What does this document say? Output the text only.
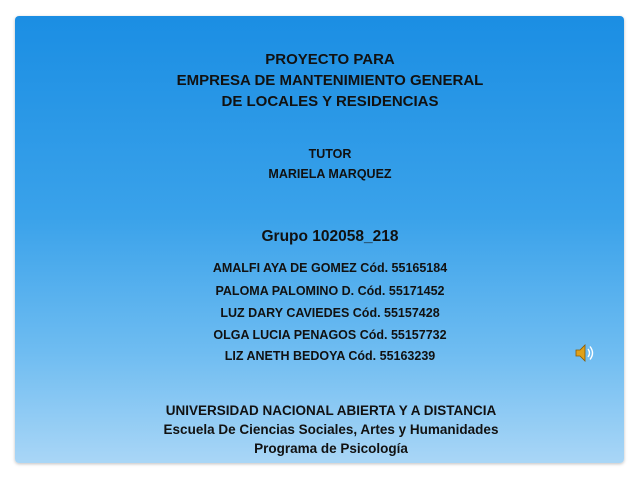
PROYECTO PARA
EMPRESA DE MANTENIMIENTO GENERAL
DE LOCALES Y RESIDENCIAS
TUTOR
MARIELA MARQUEZ
Grupo 102058_218
AMALFI AYA DE GOMEZ Cód. 55165184
PALOMA PALOMINO D. Cód. 55171452
LUZ DARY CAVIEDES Cód. 55157428
OLGA LUCIA PENAGOS Cód. 55157732
LIZ ANETH BEDOYA Cód. 55163239
UNIVERSIDAD NACIONAL ABIERTA Y A DISTANCIA
Escuela De Ciencias Sociales, Artes y Humanidades
Programa de Psicología
